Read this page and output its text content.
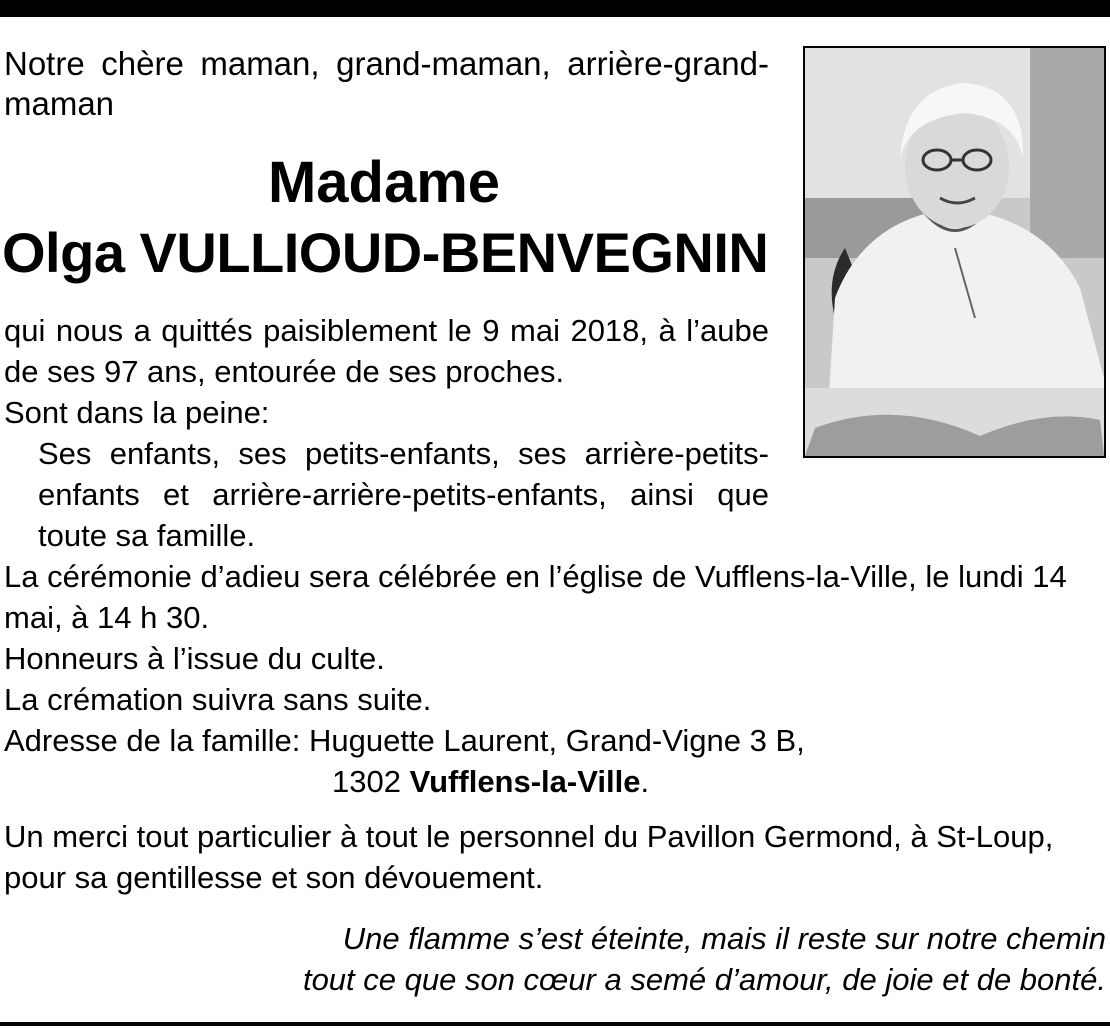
Notre chère maman, grand-maman, arrière-grand-maman
Madame
Olga VULLIOUD-BENVEGNIN

qui nous a quittés paisiblement le 9 mai 2018, à l’aube de ses 97 ans, entourée de ses proches.

Sont dans la peine:

Ses enfants, ses petits-enfants, ses arrière-petits-enfants et arrière-arrière-petits-enfants, ainsi que toute sa famille.

La cérémonie d’adieu sera célébrée en l’église de Vufflens-la-Ville, le lundi 14 mai, à 14 h 30.

Honneurs à l’issue du culte.

La crémation suivra sans suite.

Adresse de la famille: Huguette Laurent, Grand-Vigne 3 B,

1302 Vufflens-la-Ville.

Un merci tout particulier à tout le personnel du Pavillon Germond, à St-Loup, pour sa gentillesse et son dévouement.

Une flamme s’est éteinte, mais il reste sur notre chemin
tout ce que son cœur a semé d’amour, de joie et de bonté.
